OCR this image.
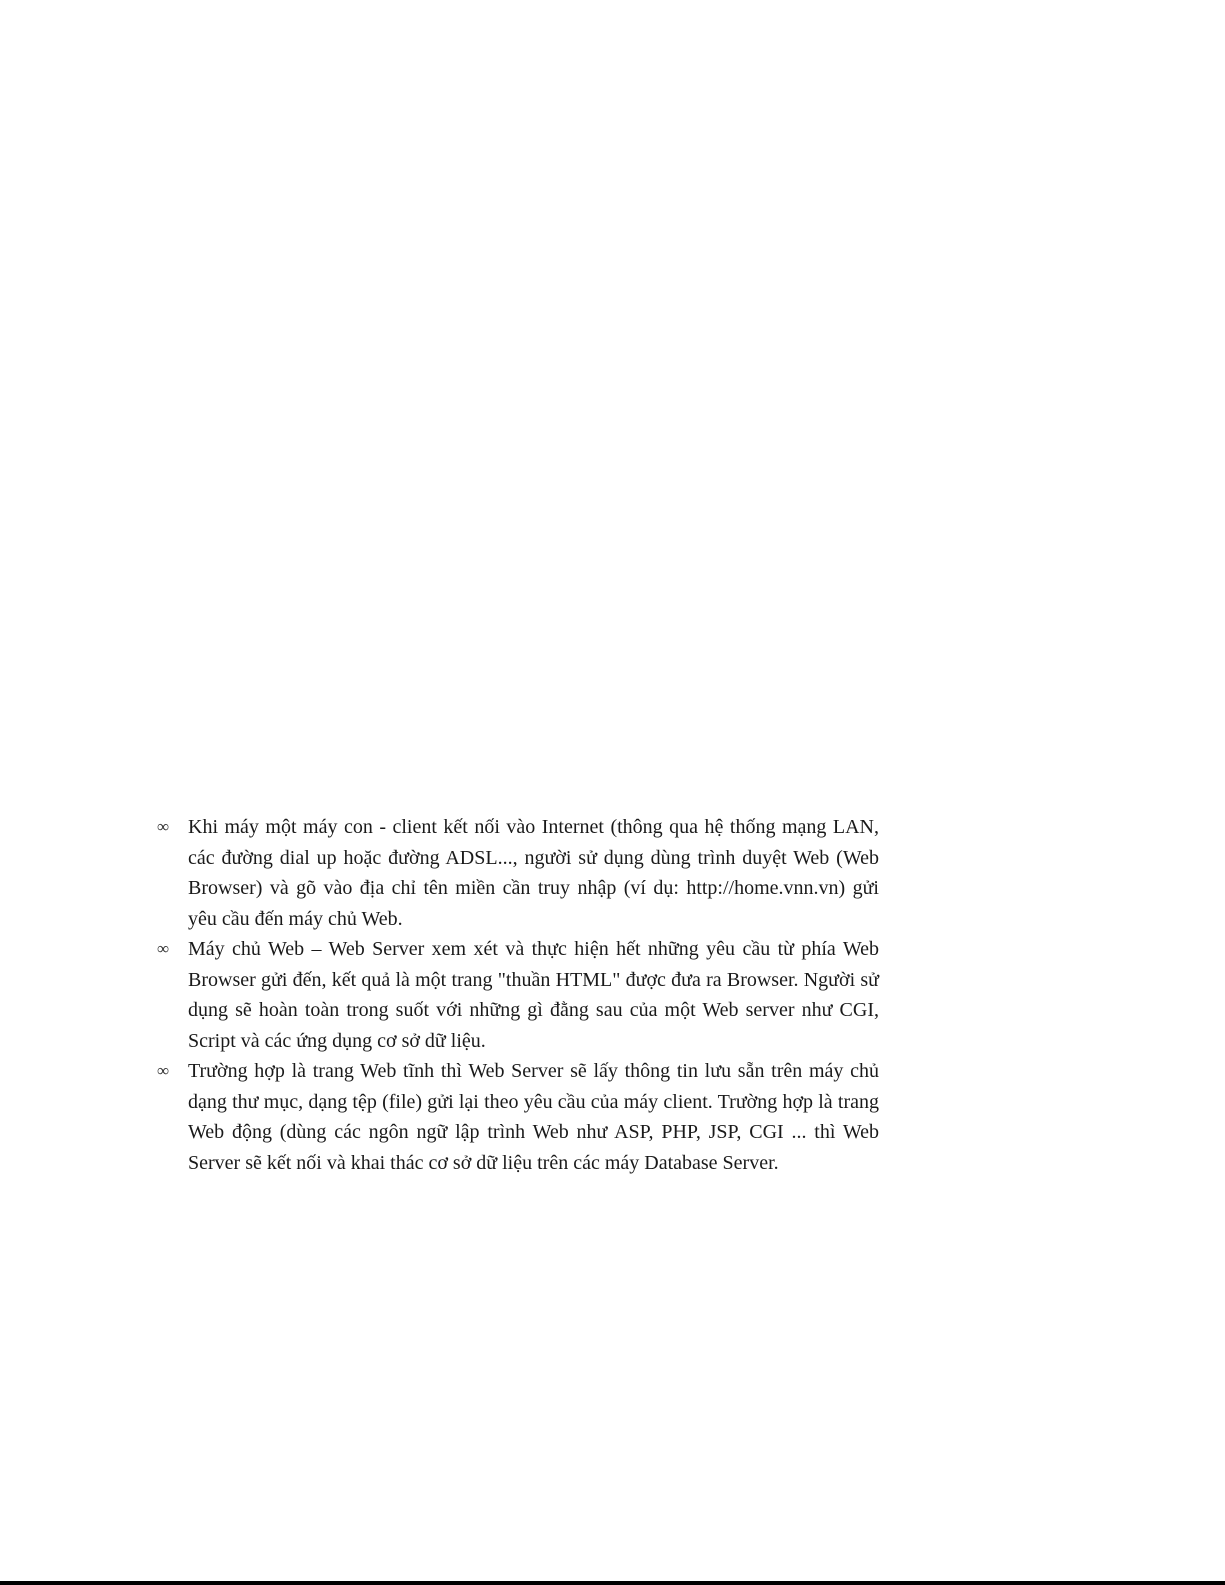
∞ Khi máy một máy con - client kết nối vào Internet (thông qua hệ thống mạng LAN, các đường dial up hoặc đường ADSL..., người sử dụng dùng trình duyệt Web (Web Browser) và gõ vào địa chỉ tên miền cần truy nhập (ví dụ: http://home.vnn.vn) gửi yêu cầu đến máy chủ Web.
∞ Máy chủ Web – Web Server xem xét và thực hiện hết những yêu cầu từ phía Web Browser gửi đến, kết quả là một trang "thuần HTML" được đưa ra Browser. Người sử dụng sẽ hoàn toàn trong suốt với những gì đằng sau của một Web server như CGI, Script và các ứng dụng cơ sở dữ liệu.
∞ Trường hợp là trang Web tĩnh thì Web Server sẽ lấy thông tin lưu sẵn trên máy chủ dạng thư mục, dạng tệp (file) gửi lại theo yêu cầu của máy client. Trường hợp là trang Web động (dùng các ngôn ngữ lập trình Web như ASP, PHP, JSP, CGI ... thì Web Server sẽ kết nối và khai thác cơ sở dữ liệu trên các máy Database Server.
